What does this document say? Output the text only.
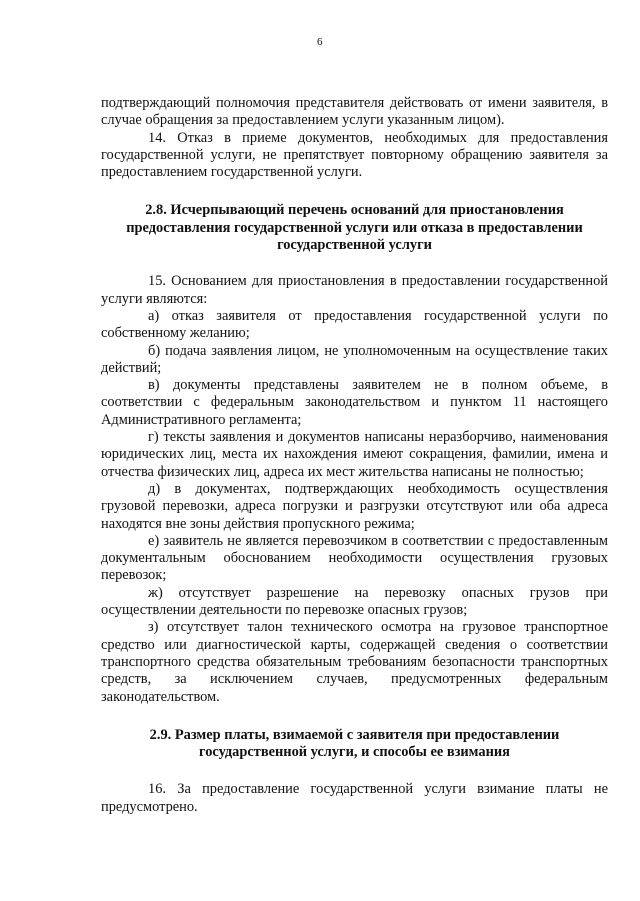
6

подтверждающий полномочия представителя действовать от имени заявителя, в случае обращения за предоставлением услуги указанным лицом).

14. Отказ в приеме документов, необходимых для предоставления государственной услуги, не препятствует повторному обращению заявителя за предоставлением государственной услуги.

2.8. Исчерпывающий перечень оснований для приостановления
предоставления государственной услуги или отказа в предоставлении
государственной услуги

15. Основанием для приостановления в предоставлении государственной услуги являются:

а) отказ заявителя от предоставления государственной услуги по собственному желанию;

б) подача заявления лицом, не уполномоченным на осуществление таких действий;

в) документы представлены заявителем не в полном объеме, в соответствии с федеральным законодательством и пунктом 11 настоящего Административного регламента;

г) тексты заявления и документов написаны неразборчиво, наименования юридических лиц, места их нахождения имеют сокращения, фамилии, имена и отчества физических лиц, адреса их мест жительства написаны не полностью;

д) в документах, подтверждающих необходимость осуществления грузовой перевозки, адреса погрузки и разгрузки отсутствуют или оба адреса находятся вне зоны действия пропускного режима;

е) заявитель не является перевозчиком в соответствии с предоставленным документальным обоснованием необходимости осуществления грузовых перевозок;

ж) отсутствует разрешение на перевозку опасных грузов при осуществлении деятельности по перевозке опасных грузов;

з) отсутствует талон технического осмотра на грузовое транспортное средство или диагностической карты, содержащей сведения о соответствии транспортного средства обязательным требованиям безопасности транспортных средств, за исключением случаев, предусмотренных федеральным законодательством.

2.9. Размер платы, взимаемой с заявителя при предоставлении
государственной услуги, и способы ее взимания

16. За предоставление государственной услуги взимание платы не предусмотрено.
